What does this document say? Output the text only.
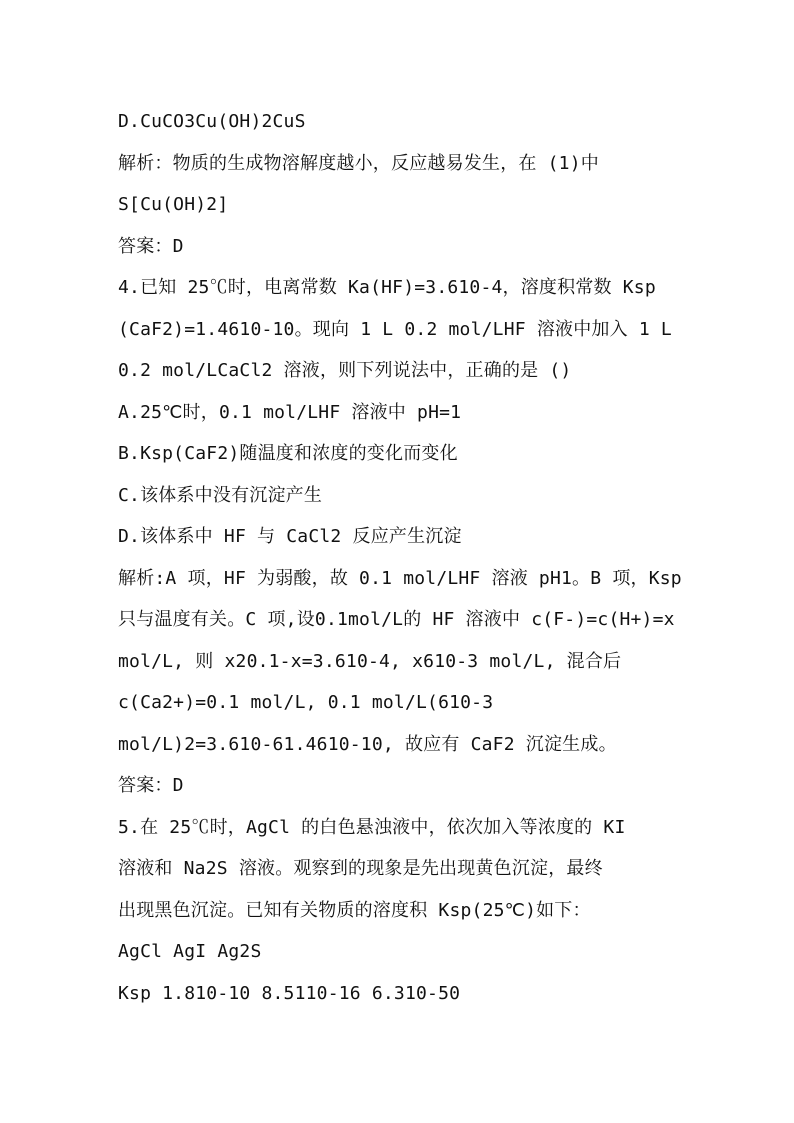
D.CuCO3Cu(OH)2CuS
解析：物质的生成物溶解度越小，反应越易发生，在 (1)中
S[Cu(OH)2]
答案：D
4.已知 25℃时，电离常数 Ka(HF)=3.610-4，溶度积常数 Ksp
(CaF2)=1.4610-10。现向 1 L 0.2 mol/LHF 溶液中加入 1 L
0.2 mol/LCaCl2 溶液，则下列说法中，正确的是 ()
A.25℃时，0.1 mol/LHF 溶液中 pH=1
B.Ksp(CaF2)随温度和浓度的变化而变化
C.该体系中没有沉淀产生
D.该体系中 HF 与 CaCl2 反应产生沉淀
解析:A 项，HF 为弱酸，故 0.1 mol/LHF 溶液 pH1。B 项，Ksp
只与温度有关。C 项,设0.1mol/L的 HF 溶液中 c(F-)=c(H+)=x
mol/L, 则 x20.1-x=3.610-4, x610-3 mol/L, 混合后
c(Ca2+)=0.1 mol/L, 0.1 mol/L(610-3
mol/L)2=3.610-61.4610-10, 故应有 CaF2 沉淀生成。
答案：D
5.在 25℃时，AgCl 的白色悬浊液中，依次加入等浓度的 KI
溶液和 Na2S 溶液。观察到的现象是先出现黄色沉淀，最终
出现黑色沉淀。已知有关物质的溶度积 Ksp(25℃)如下：
AgCl AgI Ag2S
Ksp 1.810-10 8.5110-16 6.310-50
